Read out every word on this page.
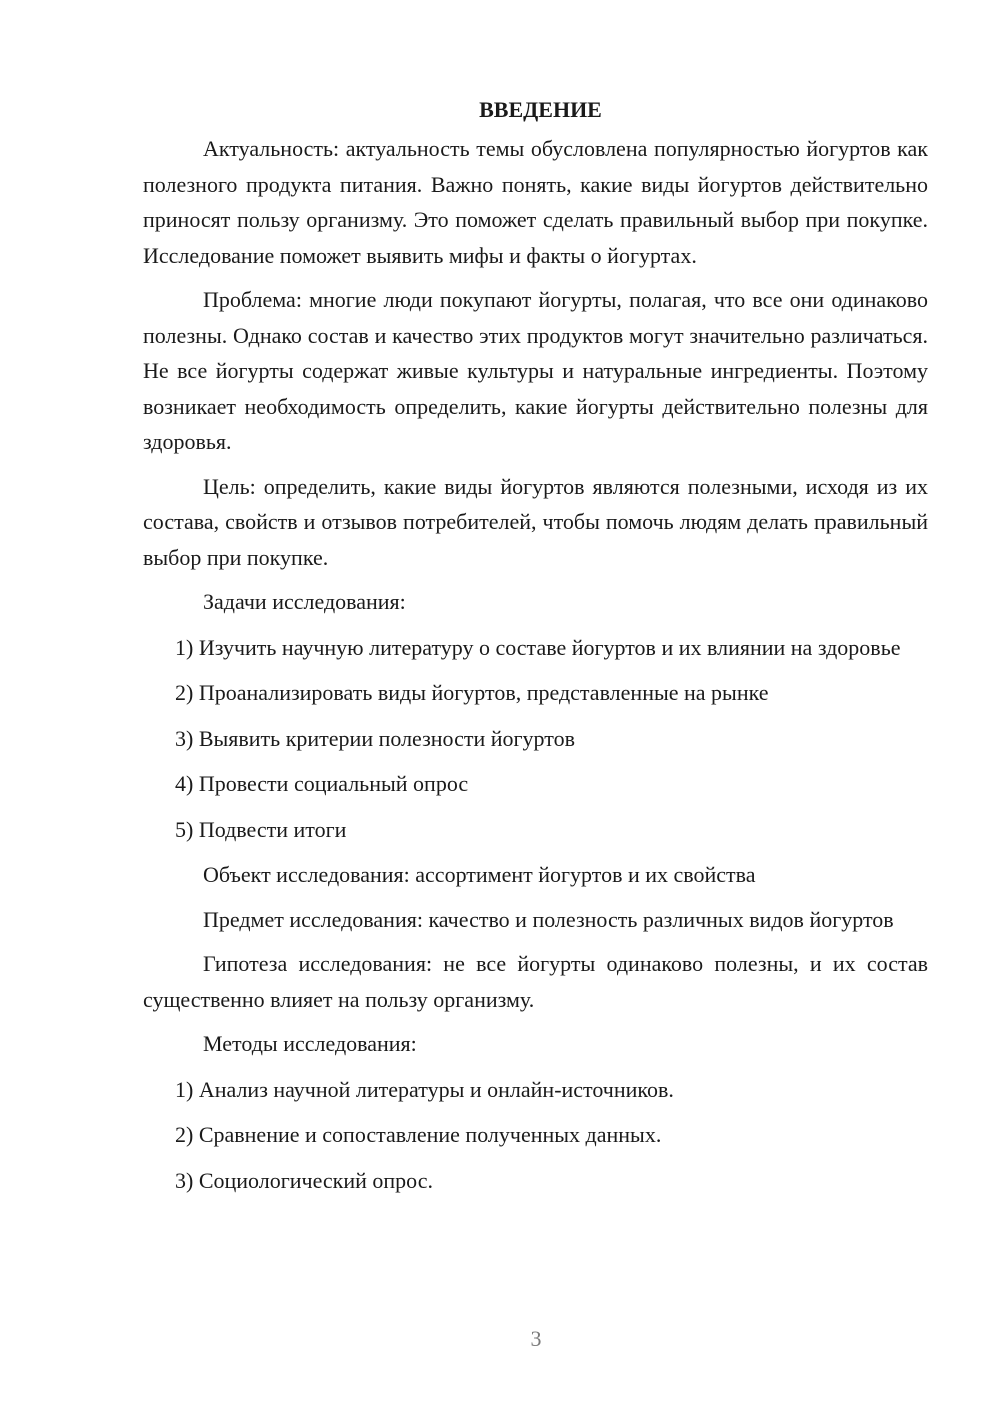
ВВЕДЕНИЕ

Актуальность: актуальность темы обусловлена популярностью йогуртов как полезного продукта питания. Важно понять, какие виды йогуртов действительно приносят пользу организму. Это поможет сделать правильный выбор при покупке. Исследование поможет выявить мифы и факты о йогуртах.

Проблема: многие люди покупают йогурты, полагая, что все они одинаково полезны. Однако состав и качество этих продуктов могут значительно различаться. Не все йогурты содержат живые культуры и натуральные ингредиенты. Поэтому возникает необходимость определить, какие йогурты действительно полезны для здоровья.

Цель: определить, какие виды йогуртов являются полезными, исходя из их состава, свойств и отзывов потребителей, чтобы помочь людям делать правильный выбор при покупке.

Задачи исследования:

1) Изучить научную литературу о составе йогуртов и их влиянии на здоровье

2) Проанализировать виды йогуртов, представленные на рынке

3) Выявить критерии полезности йогуртов

4) Провести социальный опрос

5) Подвести итоги

Объект исследования: ассортимент йогуртов и их свойства

Предмет исследования: качество и полезность различных видов йогуртов

Гипотеза исследования: не все йогурты одинаково полезны, и их состав существенно влияет на пользу организму.

Методы исследования:

1) Анализ научной литературы и онлайн-источников.

2) Сравнение и сопоставление полученных данных.

3) Социологический опрос.

3
